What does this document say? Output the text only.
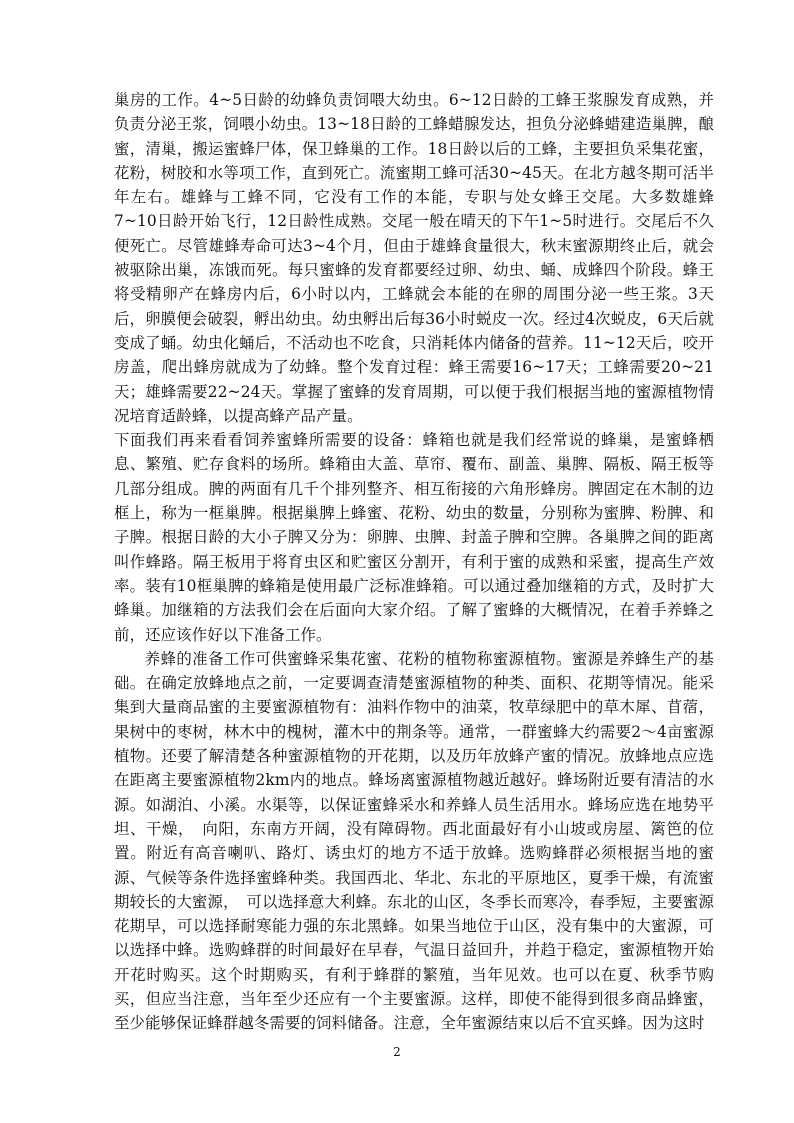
巢房的工作。4~5日龄的幼蜂负责饲喂大幼虫。6~12日龄的工蜂王浆腺发育成熟，并负责分泌王浆，饲喂小幼虫。13~18日龄的工蜂蜡腺发达，担负分泌蜂蜡建造巢脾，酿蜜，清巢，搬运蜜蜂尸体，保卫蜂巢的工作。18日龄以后的工蜂，主要担负采集花蜜，花粉，树胶和水等项工作，直到死亡。流蜜期工蜂可活30~45天。在北方越冬期可活半年左右。雄蜂与工蜂不同，它没有工作的本能，专职与处女蜂王交尾。大多数雄蜂7~10日龄开始飞行，12日龄性成熟。交尾一般在晴天的下午1~5时进行。交尾后不久便死亡。尽管雄蜂寿命可达3~4个月，但由于雄蜂食量很大，秋末蜜源期终止后，就会被驱除出巢，冻饿而死。每只蜜蜂的发育都要经过卵、幼虫、蛹、成蜂四个阶段。蜂王将受精卵产在蜂房内后，6小时以内，工蜂就会本能的在卵的周围分泌一些王浆。3天后，卵膜便会破裂，孵出幼虫。幼虫孵出后每36小时蜕皮一次。经过4次蜕皮，6天后就变成了蛹。幼虫化蛹后，不活动也不吃食，只消耗体内储备的营养。11~12天后，咬开房盖，爬出蜂房就成为了幼蜂。整个发育过程：蜂王需要16~17天；工蜂需要20~21天；雄蜂需要22~24天。掌握了蜜蜂的发育周期，可以便于我们根据当地的蜜源植物情况培育适龄蜂，以提高蜂产品产量。

下面我们再来看看饲养蜜蜂所需要的设备：蜂箱也就是我们经常说的蜂巢，是蜜蜂栖息、繁殖、贮存食料的场所。蜂箱由大盖、草帘、覆布、副盖、巢脾、隔板、隔王板等几部分组成。脾的两面有几千个排列整齐、相互衔接的六角形蜂房。脾固定在木制的边框上，称为一框巢脾。根据巢脾上蜂蜜、花粉、幼虫的数量，分别称为蜜脾、粉脾、和子脾。根据日龄的大小子脾又分为：卵脾、虫脾、封盖子脾和空脾。各巢脾之间的距离叫作蜂路。隔王板用于将育虫区和贮蜜区分割开，有利于蜜的成熟和采蜜，提高生产效率。装有10框巢脾的蜂箱是使用最广泛标准蜂箱。可以通过叠加继箱的方式，及时扩大蜂巢。加继箱的方法我们会在后面向大家介绍。了解了蜜蜂的大概情况，在着手养蜂之前，还应该作好以下准备工作。

养蜂的准备工作可供蜜蜂采集花蜜、花粉的植物称蜜源植物。蜜源是养蜂生产的基础。在确定放蜂地点之前，一定要调查清楚蜜源植物的种类、面积、花期等情况。能采集到大量商品蜜的主要蜜源植物有：油料作物中的油菜，牧草绿肥中的草木犀、苜蓿，果树中的枣树，林木中的槐树，灌木中的荆条等。通常，一群蜜蜂大约需要2～4亩蜜源植物。还要了解清楚各种蜜源植物的开花期，以及历年放蜂产蜜的情况。放蜂地点应选在距离主要蜜源植物2km内的地点。蜂场离蜜源植物越近越好。蜂场附近要有清洁的水源。如湖泊、小溪。水渠等，以保证蜜蜂采水和养蜂人员生活用水。蜂场应选在地势平坦、干燥，　向阳，东南方开阔，没有障碍物。西北面最好有小山坡或房屋、篱笆的位置。附近有高音喇叭、路灯、诱虫灯的地方不适于放蜂。选购蜂群必须根据当地的蜜源、气候等条件选择蜜蜂种类。我国西北、华北、东北的平原地区，夏季干燥，有流蜜期较长的大蜜源，　可以选择意大利蜂。东北的山区，冬季长而寒冷，春季短，主要蜜源花期早，可以选择耐寒能力强的东北黑蜂。如果当地位于山区，没有集中的大蜜源，可以选择中蜂。选购蜂群的时间最好在早春，气温日益回升，并趋于稳定，蜜源植物开始开花时购买。这个时期购买，有利于蜂群的繁殖，当年见效。也可以在夏、秋季节购买，但应当注意，当年至少还应有一个主要蜜源。这样，即使不能得到很多商品蜂蜜，至少能够保证蜂群越冬需要的饲料储备。注意，全年蜜源结束以后不宜买蜂。因为这时

2
